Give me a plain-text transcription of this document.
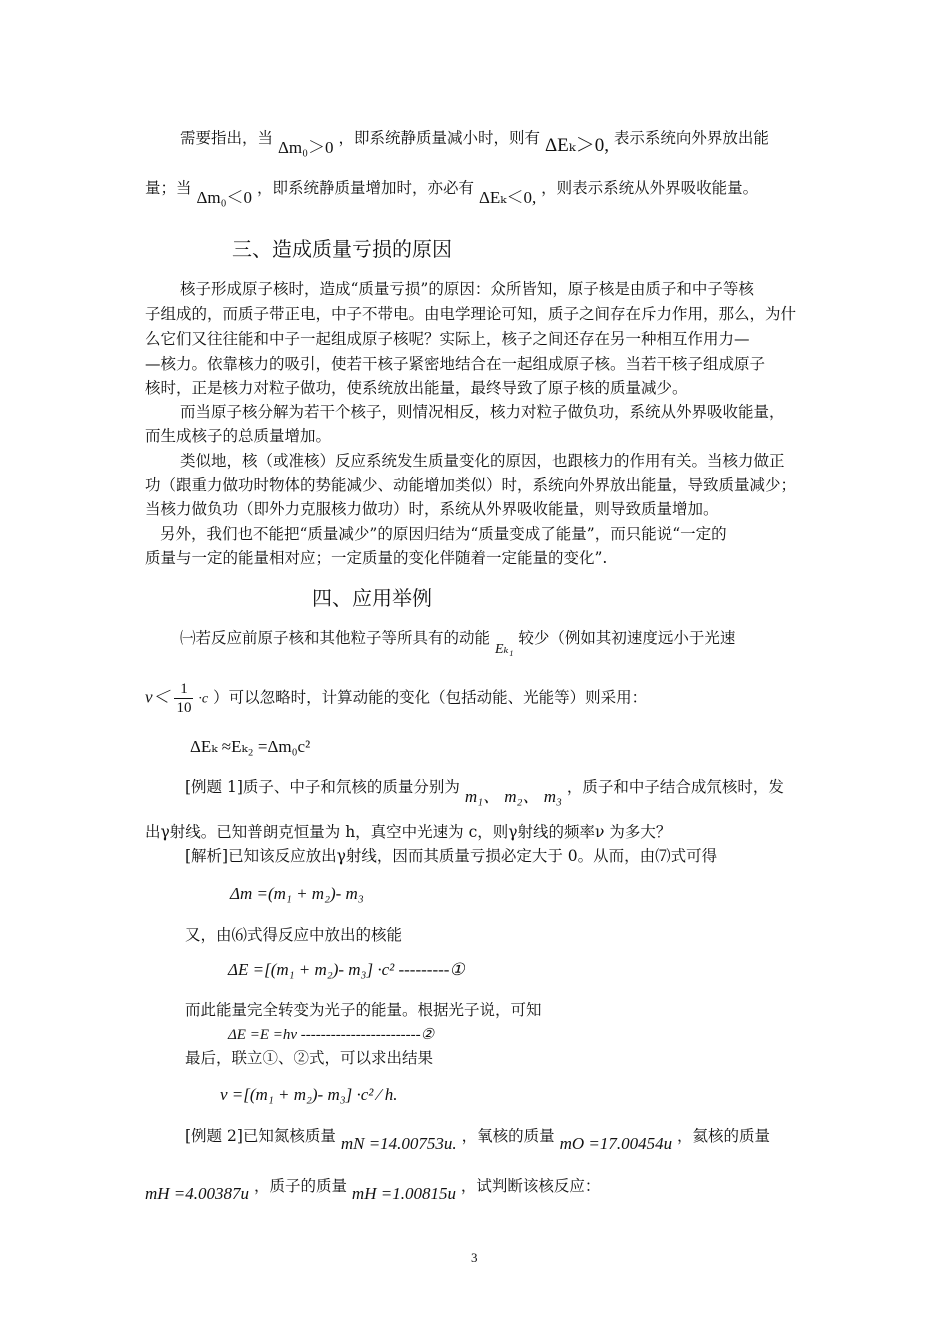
需要指出，当 Δm₀＞0 ，即系统静质量减小时，则有 ΔEₖ＞0, 表示系统向外界放出能
量；当 Δm₀＜0 ，即系统静质量增加时，亦必有 ΔEₖ＜0, ，则表示系统从外界吸收能量。
三、造成质量亏损的原因
核子形成原子核时，造成“质量亏损”的原因：众所皆知，原子核是由质子和中子等核
子组成的，而质子带正电，中子不带电。由电学理论可知，质子之间存在斥力作用，那么，为什
么它们又往往能和中子一起组成原子核呢？实际上，核子之间还存在另一种相互作用力—
—核力。依靠核力的吸引，使若干核子紧密地结合在一起组成原子核。当若干核子组成原子
核时，正是核力对粒子做功，使系统放出能量，最终导致了原子核的质量减少。
而当原子核分解为若干个核子，则情况相反，核力对粒子做负功，系统从外界吸收能量，
而生成核子的总质量增加。
类似地，核（或准核）反应系统发生质量变化的原因，也跟核力的作用有关。当核力做正
功（跟重力做功时物体的势能减少、动能增加类似）时，系统向外界放出能量，导致质量减少；
当核力做负功（即外力克服核力做功）时，系统从外界吸收能量，则导致质量增加。
另外，我们也不能把“质量减少”的原因归结为“质量变成了能量”，而只能说“一定的
质量与一定的能量相对应；一定质量的变化伴随着一定能量的变化”.
四、应用举例
㈠若反应前原子核和其他粒子等所具有的动能 Eₖ₁ 较少（例如其初速度远小于光速
$v< \frac{1}{10} \cdot c$ ）可以忽略时，计算动能的变化（包括动能、光能等）则采用：
ΔEₖ ≈Eₖ₂ =Δm₀c²
[例题 1]质子、中子和氘核的质量分别为 m₁、 m₂、 m₃ ，质子和中子结合成氘核时，发
出γ射线。已知普朗克恒量为 h，真空中光速为 c，则γ射线的频率ν 为多大？
[解析]已知该反应放出γ射线，因而其质量亏损必定大于 0。从而，由⑺式可得
Δm =(m₁ + m₂)- m₃
又，由⑹式得反应中放出的核能
ΔE =[(m₁ + m₂)- m₃] ·c² ---------①
而此能量完全转变为光子的能量。根据光子说，可知
ΔE =E =hν ------------------------②
最后，联立①、②式，可以求出结果
ν =[(m₁ + m₂)- m₃] ·c² ⁄ h.
[例题 2]已知氮核质量 mN =14.00753u. ，氧核的质量 mO =17.00454u ，氦核的质量
mH =4.00387u ，质子的质量 mH =1.00815u ，试判断该核反应：
3
